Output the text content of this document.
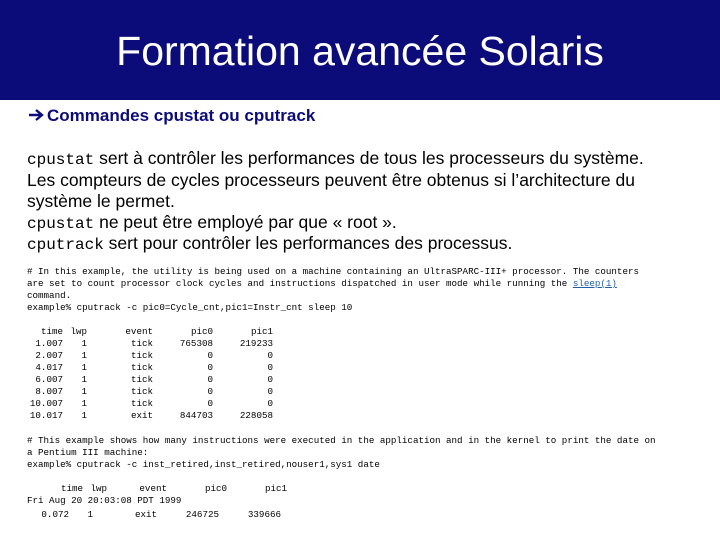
Formation avancée Solaris
Commandes cpustat ou cputrack
cpustat sert à contrôler les performances de tous les processeurs du système.
Les compteurs de cycles processeurs peuvent être obtenus si l’architecture du
système le permet.
cpustat ne peut être employé par que « root ».
cputrack sert pour contrôler les performances des processus.
# In this example, the utility is being used on a machine containing an UltraSPARC-III+ processor. The counters
are set to count processor clock cycles and instructions dispatched in user mode while running the sleep(1)
command.
example% cputrack -c pic0=Cycle_cnt,pic1=Instr_cnt sleep 10
time lwp	event	pic0	pic1
1.007 1	tick	765308	219233
2.007 1	tick	0	0
4.017 1	tick	0	0
6.007 1	tick	0	0
8.007 1	tick	0	0
10.007 1	tick	0	0
10.017 1	exit	844703	228058
# This example shows how many instructions were executed in the application and in the kernel to print the date on
a Pentium III machine:
example% cputrack -c inst_retired,inst_retired,nouser1,sys1 date
time lwp	event	pic0	pic1
Fri Aug 20 20:03:08 PDT 1999
0.072 1	exit	246725	339666
